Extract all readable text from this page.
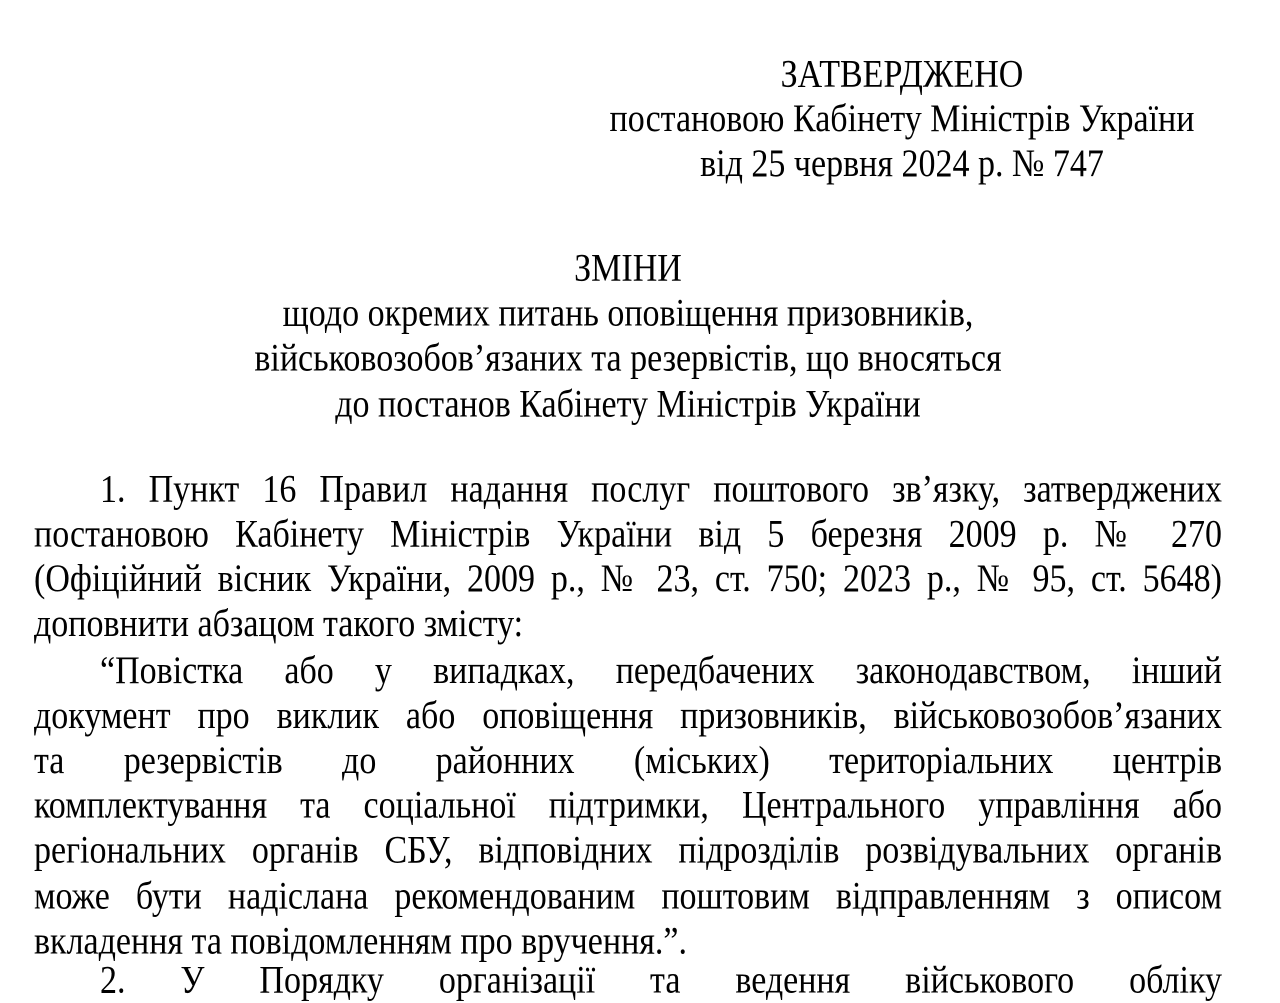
ЗАТВЕРДЖЕНО
постановою Кабінету Міністрів України
від 25 червня 2024 р. № 747
ЗМІНИ
щодо окремих питань оповіщення призовників,
військовозобов’язаних та резервістів, що вносяться
до постанов Кабінету Міністрів України
1. Пункт 16 Правил надання послуг поштового зв’язку, затверджених
постановою Кабінету Міністрів України від 5 березня 2009 р. № 270
(Офіційний вісник України, 2009 р., № 23, ст. 750; 2023 р., № 95, ст. 5648)
доповнити абзацом такого змісту:
“Повістка або у випадках, передбачених законодавством, інший
документ про виклик або оповіщення призовників, військовозобов’язаних
та резервістів до районних (міських) територіальних центрів
комплектування та соціальної підтримки, Центрального управління або
регіональних органів СБУ, відповідних підрозділів розвідувальних органів
може бути надіслана рекомендованим поштовим відправленням з описом
вкладення та повідомленням про вручення.”.
2. У Порядку організації та ведення військового обліку
